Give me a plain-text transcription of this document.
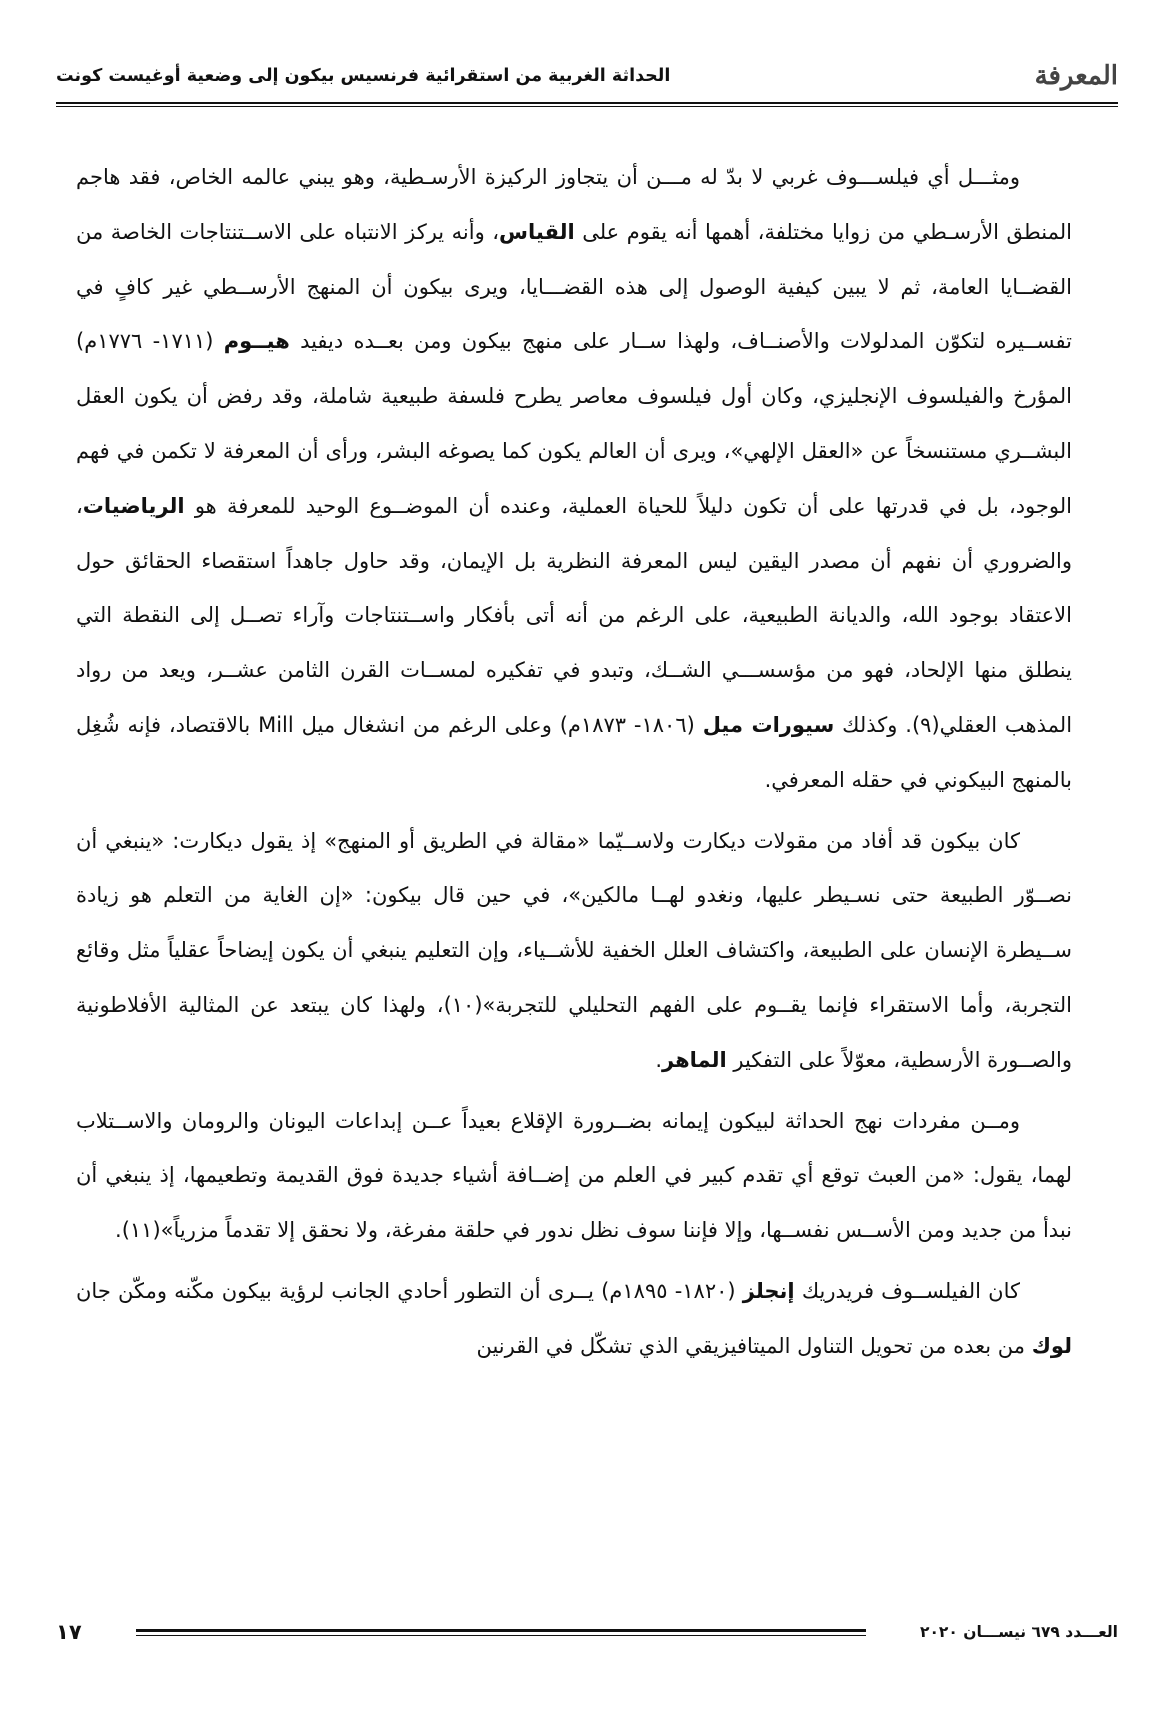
المعرفة
الحداثة الغربية من استقرائية فرنسيس بيكون إلى وضعية أوغيست كونت

ومثـــل أي فيلســـوف غربي لا بدّ له مـــن أن يتجاوز الركيزة الأرسـطية، وهو يبني عالمه الخاص، فقد هاجم المنطق الأرسـطي من زوايا مختلفة، أهمها أنه يقوم على القياس، وأنه يركز الانتباه على الاســتنتاجات الخاصة من القضــايا العامة، ثم لا يبين كيفية الوصول إلى هذه القضـــايا، ويرى بيكون أن المنهج الأرســطي غير كافٍ في تفســيره لتكوّن المدلولات والأصنــاف، ولهذا ســار على منهج بيكون ومن بعــده ديفيد هيــوم (١٧١١- ١٧٧٦م) المؤرخ والفيلسوف الإنجليزي، وكان أول فيلسوف معاصر يطرح فلسفة طبيعية شاملة، وقد رفض أن يكون العقل البشــري مستنسخاً عن «العقل الإلهي»، ويرى أن العالم يكون كما يصوغه البشر، ورأى أن المعرفة لا تكمن في فهم الوجود، بل في قدرتها على أن تكون دليلاً للحياة العملية، وعنده أن الموضــوع الوحيد للمعرفة هو الرياضيات، والضروري أن نفهم أن مصدر اليقين ليس المعرفة النظرية بل الإيمان، وقد حاول جاهداً استقصاء الحقائق حول الاعتقاد بوجود الله، والديانة الطبيعية، على الرغم من أنه أتى بأفكار واســتنتاجات وآراء تصــل إلى النقطة التي ينطلق منها الإلحاد، فهو من مؤسســـي الشــك، وتبدو في تفكيره لمســات القرن الثامن عشــر، ويعد من رواد المذهب العقلي(٩). وكذلك سيورات ميل (١٨٠٦- ١٨٧٣م) وعلى الرغم من انشغال ميل Mill بالاقتصاد، فإنه شُغِل بالمنهج البيكوني في حقله المعرفي.

كان بيكون قد أفاد من مقولات ديكارت ولاســيّما «مقالة في الطريق أو المنهج» إذ يقول ديكارت: «ينبغي أن نصــوّر الطبيعة حتى نسـيطر عليها، ونغدو لهــا مالكين»، في حين قال بيكون: «إن الغاية من التعلم هو زيادة ســيطرة الإنسان على الطبيعة، واكتشاف العلل الخفية للأشــياء، وإن التعليم ينبغي أن يكون إيضاحاً عقلياً مثل وقائع التجربة، وأما الاستقراء فإنما يقــوم على الفهم التحليلي للتجربة»(١٠)، ولهذا كان يبتعد عن المثالية الأفلاطونية والصــورة الأرسطية، معوّلاً على التفكير الماهر.

ومــن مفردات نهج الحداثة لبيكون إيمانه بضــرورة الإقلاع بعيداً عــن إبداعات اليونان والرومان والاســتلاب لهما، يقول: «من العبث توقع أي تقدم كبير في العلم من إضــافة أشياء جديدة فوق القديمة وتطعيمها، إذ ينبغي أن نبدأ من جديد ومن الأســس نفســها، وإلا فإننا سوف نظل ندور في حلقة مفرغة، ولا نحقق إلا تقدماً مزرياً»(١١).

كان الفيلســوف فريدريك إنجلز (١٨٢٠- ١٨٩٥م) يــرى أن التطور أحادي الجانب لرؤية بيكون مكّنه ومكّن جان لوك من بعده من تحويل التناول الميتافيزيقي الذي تشكّل في القرنين

العـــدد ٦٧٩ نيســـان ٢٠٢٠
١٧
